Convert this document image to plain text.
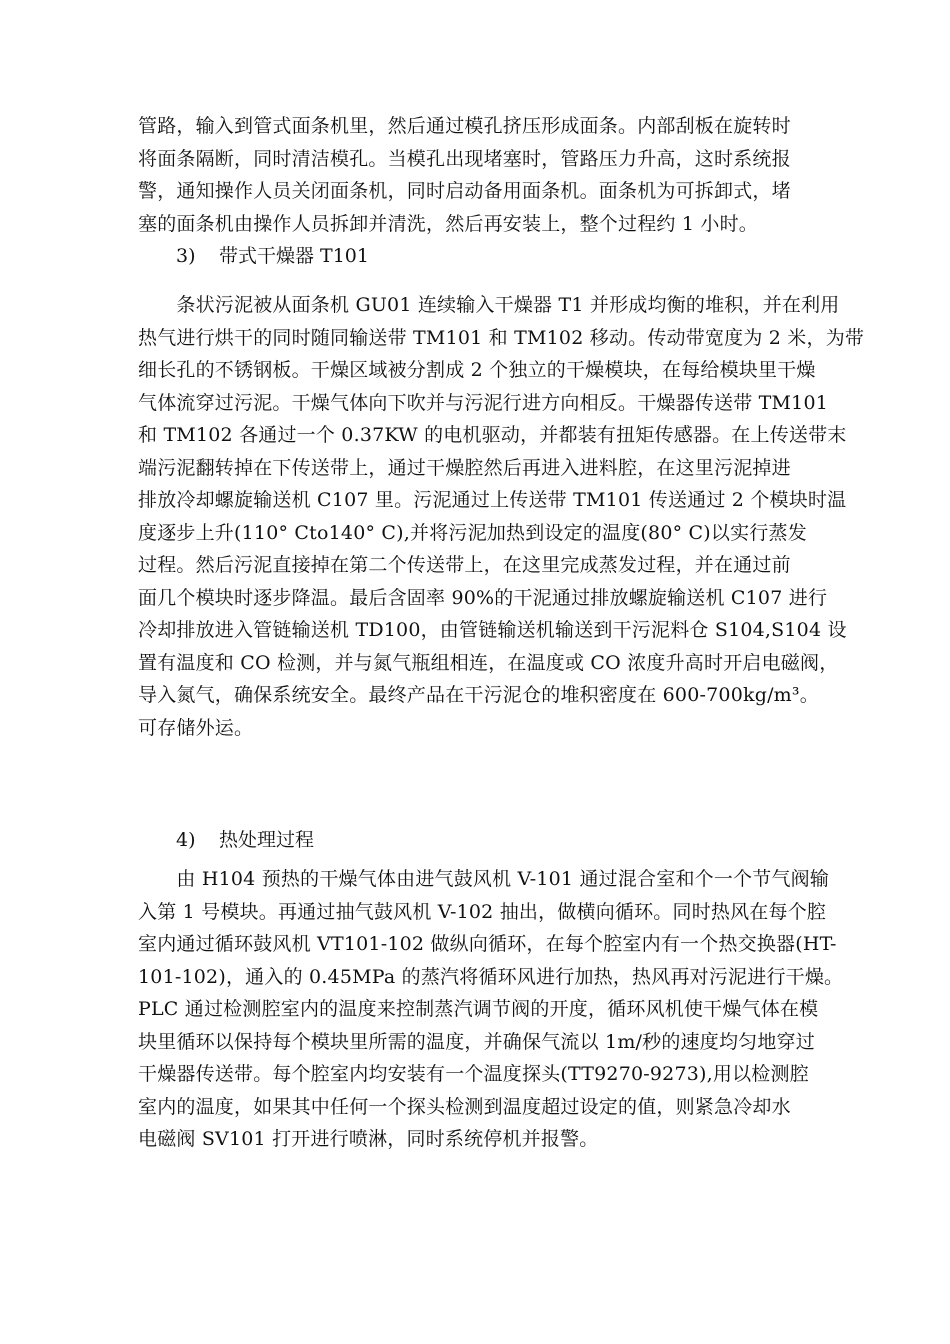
管路，输入到管式面条机里，然后通过模孔挤压形成面条。内部刮板在旋转时
将面条隔断，同时清洁模孔。当模孔出现堵塞时，管路压力升高，这时系统报
警，通知操作人员关闭面条机，同时启动备用面条机。面条机为可拆卸式，堵
塞的面条机由操作人员拆卸并清洗，然后再安装上，整个过程约 1 小时。
3) 带式干燥器 T101
　　条状污泥被从面条机 GU01 连续输入干燥器 T1 并形成均衡的堆积，并在利用
热气进行烘干的同时随同输送带 TM101 和 TM102 移动。传动带宽度为 2 米，为带
细长孔的不锈钢板。干燥区域被分割成 2 个独立的干燥模块，在每给模块里干燥
气体流穿过污泥。干燥气体向下吹并与污泥行进方向相反。干燥器传送带 TM101
和 TM102 各通过一个 0.37KW 的电机驱动，并都装有扭矩传感器。在上传送带末
端污泥翻转掉在下传送带上，通过干燥腔然后再进入进料腔，在这里污泥掉进
排放冷却螺旋输送机 C107 里。污泥通过上传送带 TM101 传送通过 2 个模块时温
度逐步上升(110° Cto140° C),并将污泥加热到设定的温度(80° C)以实行蒸发
过程。然后污泥直接掉在第二个传送带上，在这里完成蒸发过程，并在通过前
面几个模块时逐步降温。最后含固率 90%的干泥通过排放螺旋输送机 C107 进行
冷却排放进入管链输送机 TD100，由管链输送机输送到干污泥料仓 S104,S104 设
置有温度和 CO 检测，并与氮气瓶组相连，在温度或 CO 浓度升高时开启电磁阀，
导入氮气，确保系统安全。最终产品在干污泥仓的堆积密度在 600-700kg/m³。
可存储外运。
4) 热处理过程
　　由 H104 预热的干燥气体由进气鼓风机 V-101 通过混合室和个一个节气阀输
入第 1 号模块。再通过抽气鼓风机 V-102 抽出，做横向循环。同时热风在每个腔
室内通过循环鼓风机 VT101-102 做纵向循环，在每个腔室内有一个热交换器(HT-
101-102)，通入的 0.45MPa 的蒸汽将循环风进行加热，热风再对污泥进行干燥。
PLC 通过检测腔室内的温度来控制蒸汽调节阀的开度，循环风机使干燥气体在模
块里循环以保持每个模块里所需的温度，并确保气流以 1m/秒的速度均匀地穿过
干燥器传送带。每个腔室内均安装有一个温度探头(TT9270-9273),用以检测腔
室内的温度，如果其中任何一个探头检测到温度超过设定的值，则紧急冷却水
电磁阀 SV101 打开进行喷淋，同时系统停机并报警。
